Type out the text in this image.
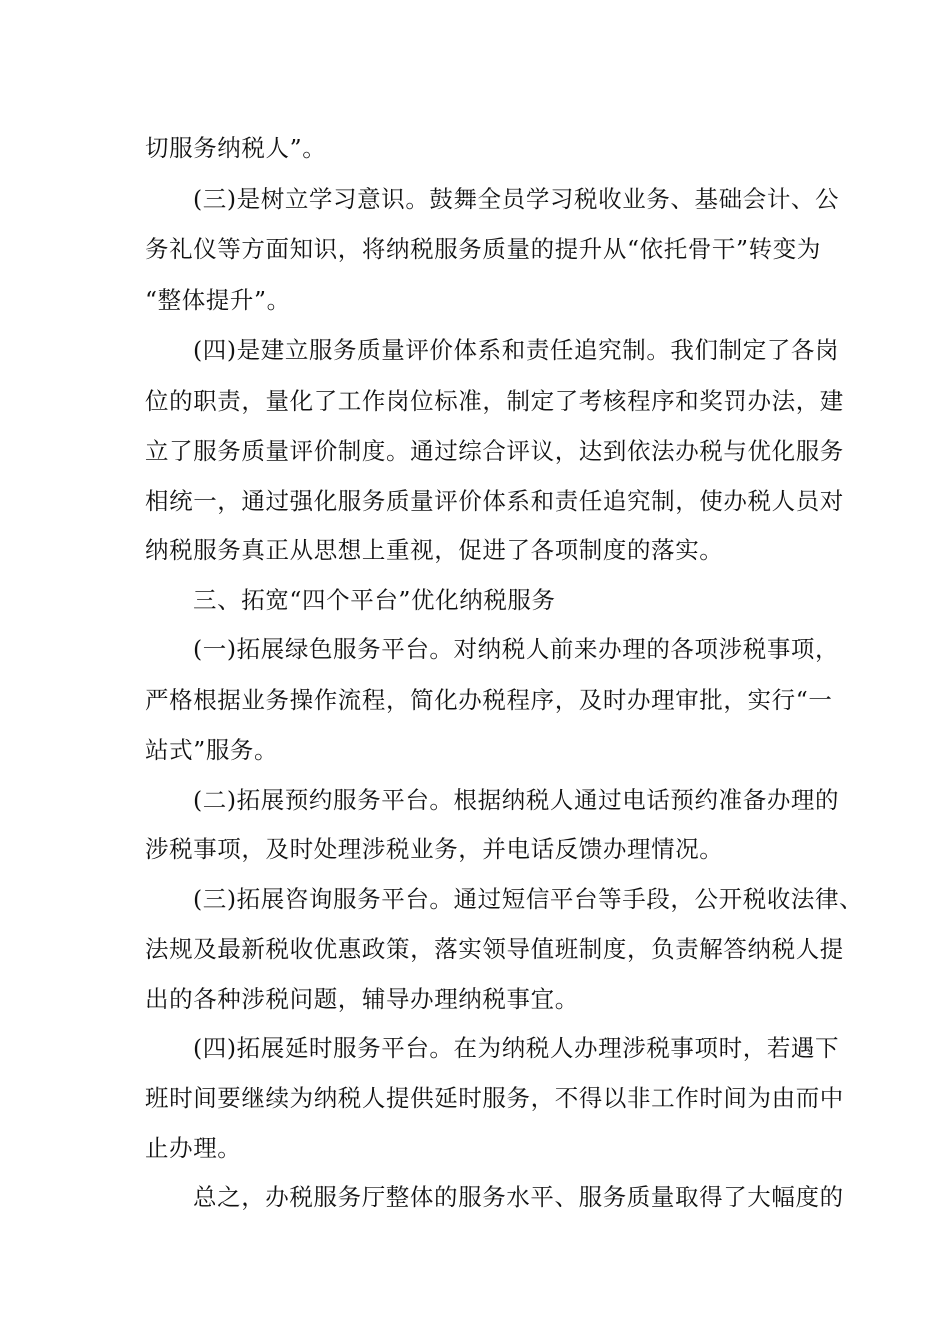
切服务纳税人”。
(三)是树立学习意识。鼓舞全员学习税收业务、基础会计、公
务礼仪等方面知识，将纳税服务质量的提升从“依托骨干”转变为
“整体提升”。
(四)是建立服务质量评价体系和责任追究制。我们制定了各岗
位的职责，量化了工作岗位标准，制定了考核程序和奖罚办法，建
立了服务质量评价制度。通过综合评议，达到依法办税与优化服务
相统一，通过强化服务质量评价体系和责任追究制，使办税人员对
纳税服务真正从思想上重视，促进了各项制度的落实。
三、拓宽“四个平台”优化纳税服务
(一)拓展绿色服务平台。对纳税人前来办理的各项涉税事项，
严格根据业务操作流程，简化办税程序，及时办理审批，实行“一
站式”服务。
(二)拓展预约服务平台。根据纳税人通过电话预约准备办理的
涉税事项，及时处理涉税业务，并电话反馈办理情况。
(三)拓展咨询服务平台。通过短信平台等手段，公开税收法律、
法规及最新税收优惠政策，落实领导值班制度，负责解答纳税人提
出的各种涉税问题，辅导办理纳税事宜。
(四)拓展延时服务平台。在为纳税人办理涉税事项时，若遇下
班时间要继续为纳税人提供延时服务，不得以非工作时间为由而中
止办理。
总之，办税服务厅整体的服务水平、服务质量取得了大幅度的
